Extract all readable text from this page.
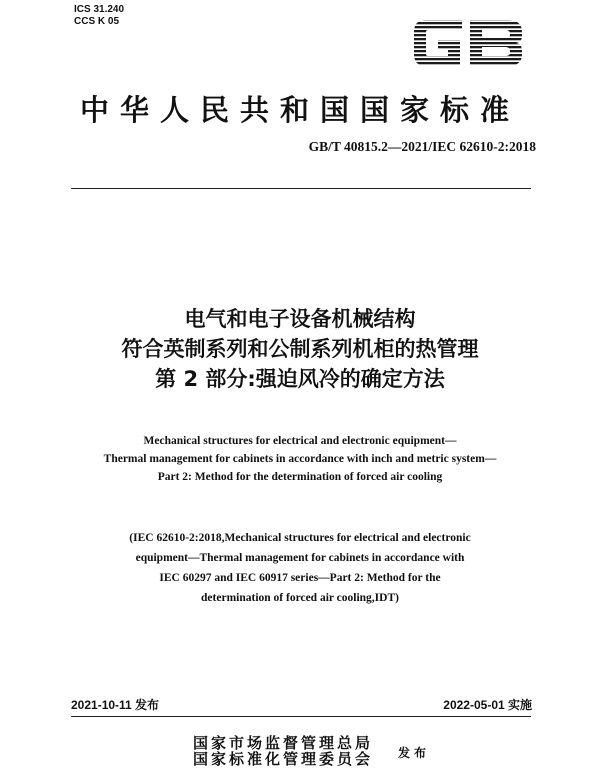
ICS 31.240
CCS K 05
中华人民共和国国家标准
GB/T 40815.2—2021/IEC 62610-2:2018
电气和电子设备机械结构
符合英制系列和公制系列机柜的热管理
第 2 部分:强迫风冷的确定方法
Mechanical structures for electrical and electronic equipment—
Thermal management for cabinets in accordance with inch and metric system—
Part 2: Method for the determination of forced air cooling
(IEC 62610-2:2018,Mechanical structures for electrical and electronic
equipment—Thermal management for cabinets in accordance with
IEC 60297 and IEC 60917 series—Part 2: Method for the
determination of forced air cooling,IDT)
2021-10-11 发布	2022-05-01 实施
国家市场监督管理总局
国家标准化管理委员会 发布
